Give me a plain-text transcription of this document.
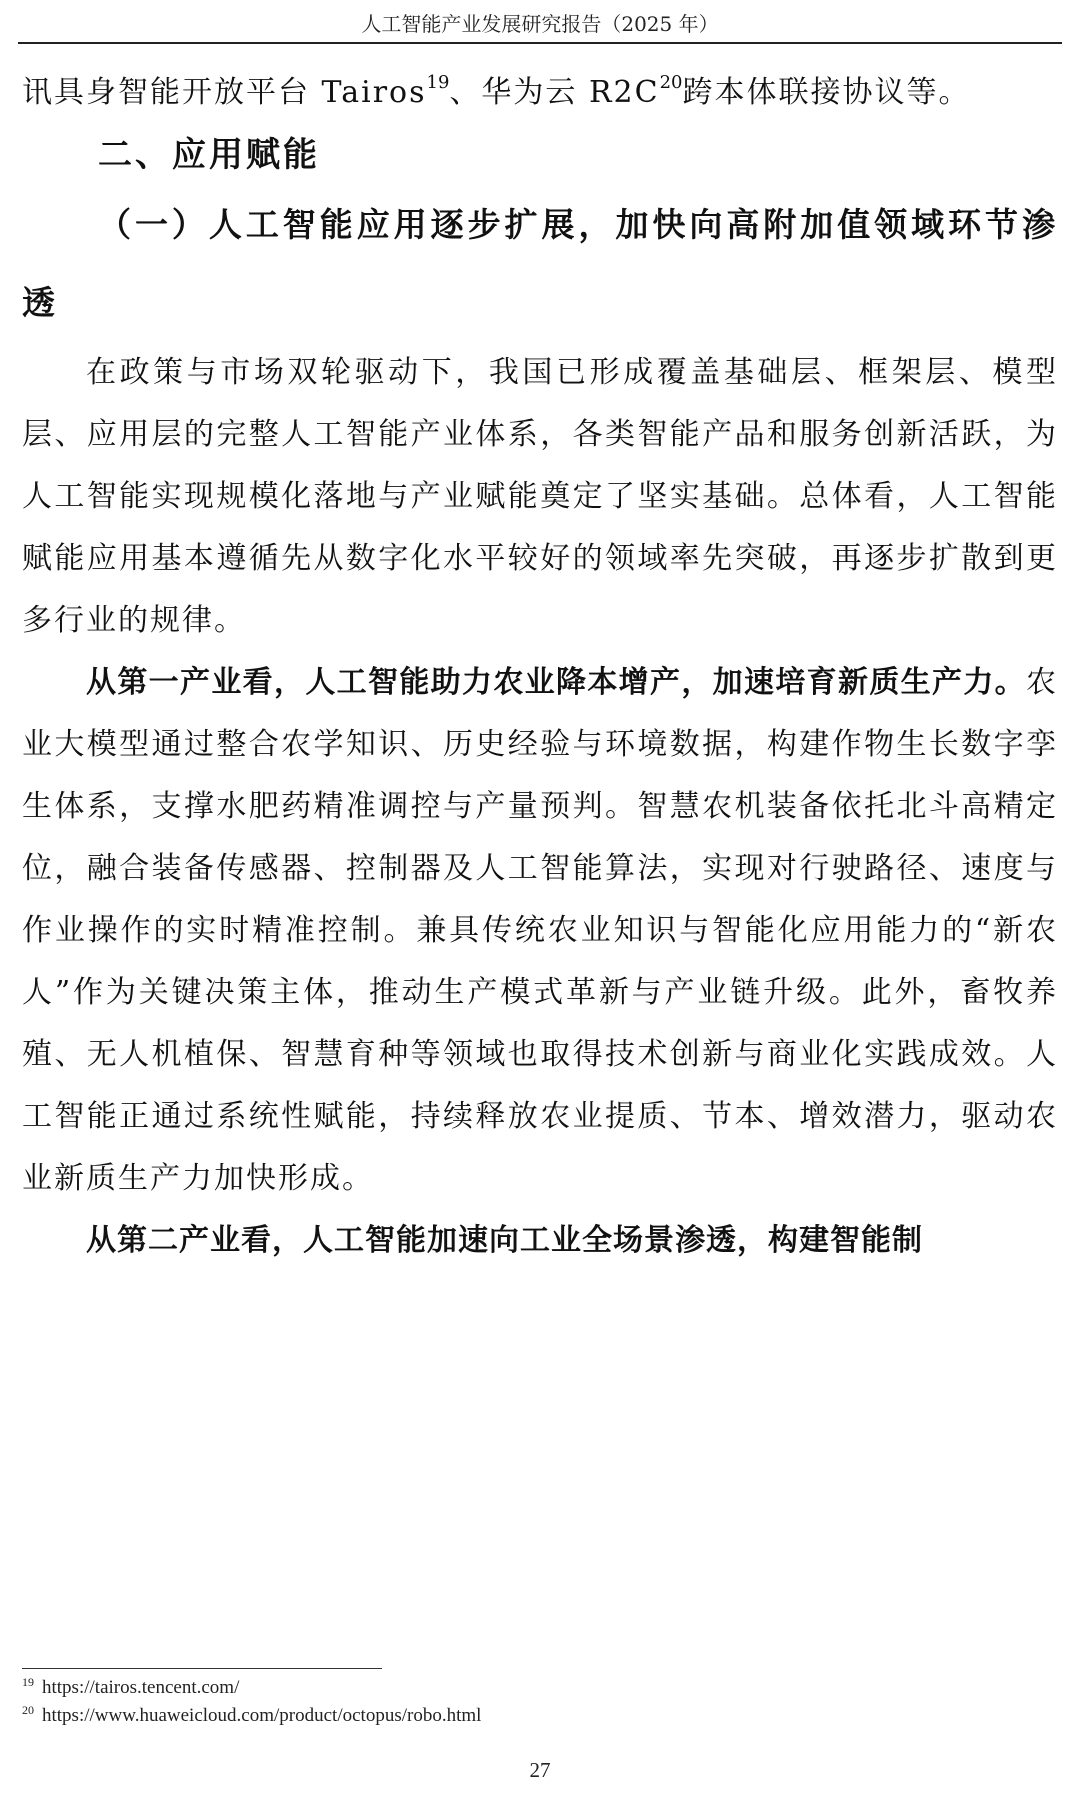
人工智能产业发展研究报告（2025 年）

讯具身智能开放平台 Tairos$^{19}$、华为云 $R2C^{20}$跨本体联接协议等。

二、应用赋能

（一）人工智能应用逐步扩展，加快向高附加值领域环节渗透

在政策与市场双轮驱动下，我国已形成覆盖基础层、框架层、模型层、应用层的完整人工智能产业体系，各类智能产品和服务创新活跃，为人工智能实现规模化落地与产业赋能奠定了坚实基础。总体看，人工智能赋能应用基本遵循先从数字化水平较好的领域率先突破，再逐步扩散到更多行业的规律。

从第一产业看，人工智能助力农业降本增产，加速培育新质生产力。农业大模型通过整合农学知识、历史经验与环境数据，构建作物生长数字孪生体系，支撑水肥药精准调控与产量预判。智慧农机装备依托北斗高精定位，融合装备传感器、控制器及人工智能算法，实现对行驶路径、速度与作业操作的实时精准控制。兼具传统农业知识与智能化应用能力的“新农人”作为关键决策主体，推动生产模式革新与产业链升级。此外，畜牧养殖、无人机植保、智慧育种等领域也取得技术创新与商业化实践成效。人工智能正通过系统性赋能，持续释放农业提质、节本、增效潜力，驱动农业新质生产力加快形成。

从第二产业看，人工智能加速向工业全场景渗透，构建智能制

$^{19}$ https://tairos.tencent.com/
$^{20}$ https://www.huaweicloud.com/product/octopus/robo.html
27
